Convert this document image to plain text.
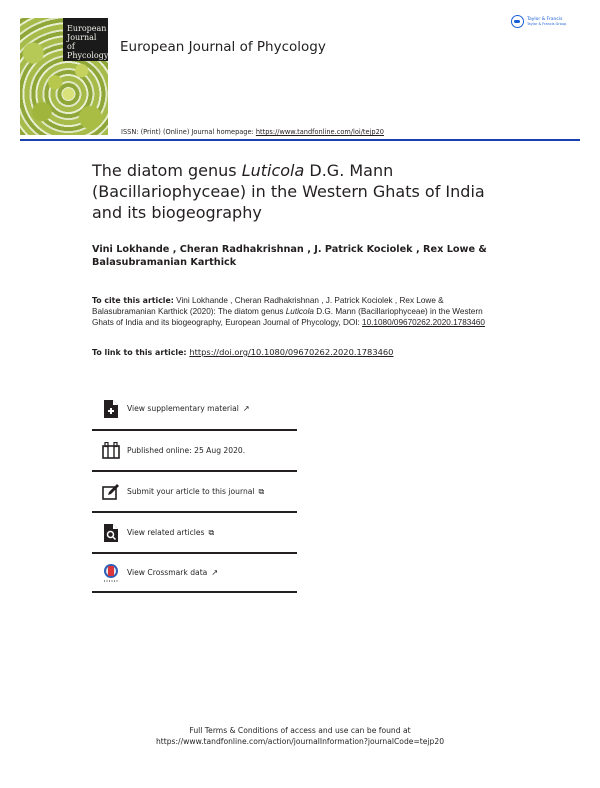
European
Journal of
Phycology
European Journal of Phycology
Taylor & Francis
Taylor & Francis Group
ISSN: (Print) (Online) Journal homepage: https://www.tandfonline.com/loi/tejp20
The diatom genus Luticola D.G. Mann (Bacillariophyceae) in the Western Ghats of India and its biogeography
Vini Lokhande , Cheran Radhakrishnan , J. Patrick Kociolek , Rex Lowe & Balasubramanian Karthick
To cite this article: Vini Lokhande , Cheran Radhakrishnan , J. Patrick Kociolek , Rex Lowe & Balasubramanian Karthick (2020): The diatom genus Luticola D.G. Mann (Bacillariophyceae) in the Western Ghats of India and its biogeography, European Journal of Phycology, DOI: 10.1080/09670262.2020.1783460
To link to this article: https://doi.org/10.1080/09670262.2020.1783460
View supplementary material ↗
Published online: 25 Aug 2020.
Submit your article to this journal ⧉
View related articles ⧉
View Crossmark data ↗
Full Terms & Conditions of access and use can be found at
https://www.tandfonline.com/action/journalInformation?journalCode=tejp20
